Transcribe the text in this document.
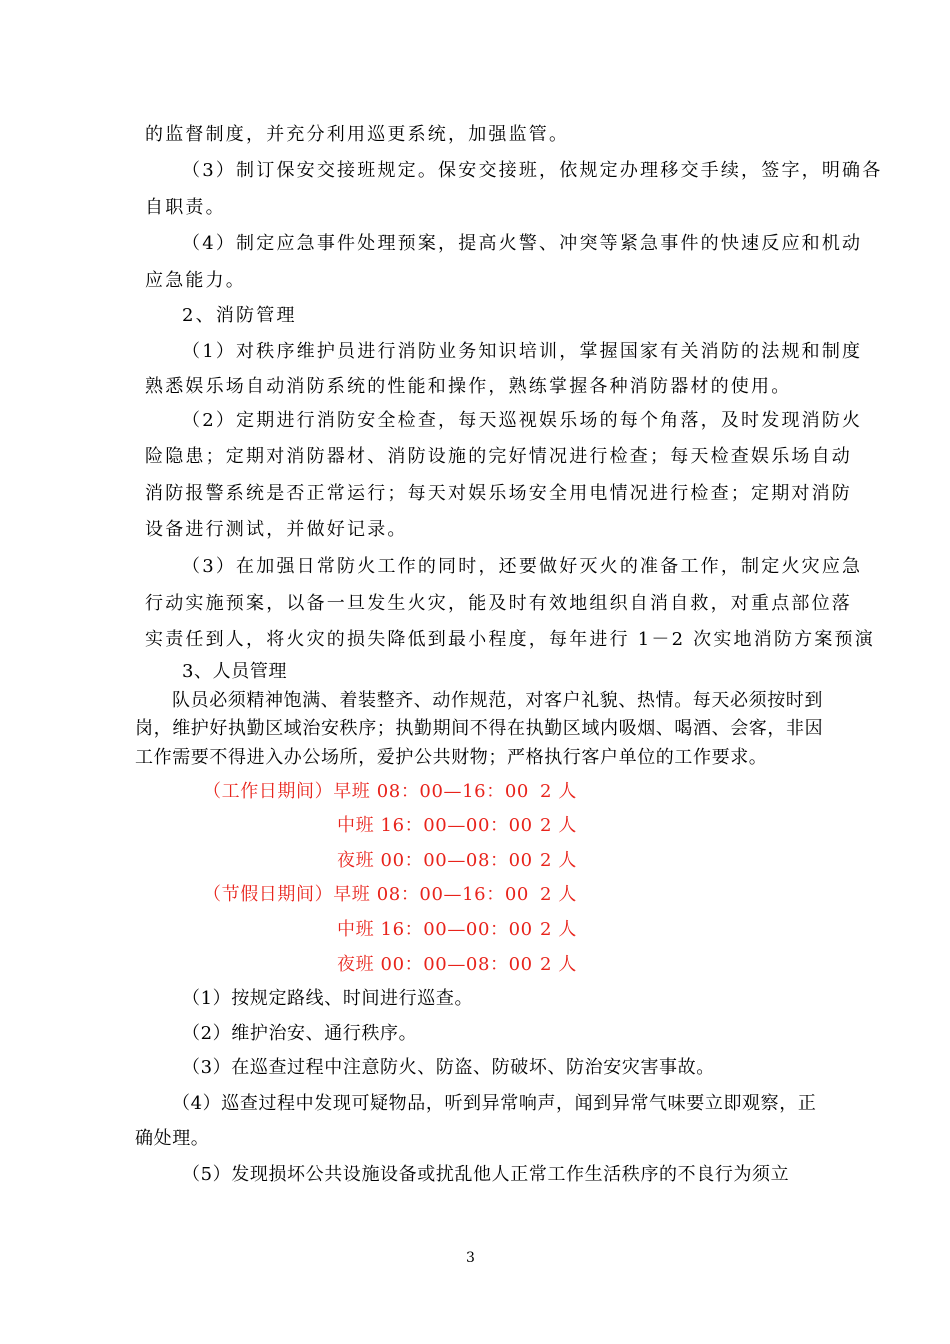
的监督制度，并充分利用巡更系统，加强监管。
（3）制订保安交接班规定。保安交接班，依规定办理移交手续，签字，明确各
自职责。
（4）制定应急事件处理预案，提高火警、冲突等紧急事件的快速反应和机动
应急能力。
2、消防管理
（1）对秩序维护员进行消防业务知识培训，掌握国家有关消防的法规和制度
熟悉娱乐场自动消防系统的性能和操作，熟练掌握各种消防器材的使用。
（2）定期进行消防安全检查，每天巡视娱乐场的每个角落，及时发现消防火
险隐患；定期对消防器材、消防设施的完好情况进行检查；每天检查娱乐场自动
消防报警系统是否正常运行；每天对娱乐场安全用电情况进行检查；定期对消防
设备进行测试，并做好记录。
（3）在加强日常防火工作的同时，还要做好灭火的准备工作，制定火灾应急
行动实施预案，以备一旦发生火灾，能及时有效地组织自消自救，对重点部位落
实责任到人，将火灾的损失降低到最小程度，每年进行 1－2 次实地消防方案预演
3、人员管理
队员必须精神饱满、着装整齐、动作规范，对客户礼貌、热情。每天必须按时到
岗，维护好执勤区域治安秩序；执勤期间不得在执勤区域内吸烟、喝酒、会客，非因
工作需要不得进入办公场所，爱护公共财物；严格执行客户单位的工作要求。
（工作日期间）早班 08：00—16：00 2 人
中班 16：00—00：00 2 人
夜班 00：00—08：00 2 人
（节假日期间）早班 08：00—16：00 2 人
中班 16：00—00：00 2 人
夜班 00：00—08：00 2 人
（1）按规定路线、时间进行巡查。
（2）维护治安、通行秩序。
（3）在巡查过程中注意防火、防盗、防破坏、防治安灾害事故。
（4）巡查过程中发现可疑物品，听到异常响声，闻到异常气味要立即观察，正
确处理。
（5）发现损坏公共设施设备或扰乱他人正常工作生活秩序的不良行为须立
3
